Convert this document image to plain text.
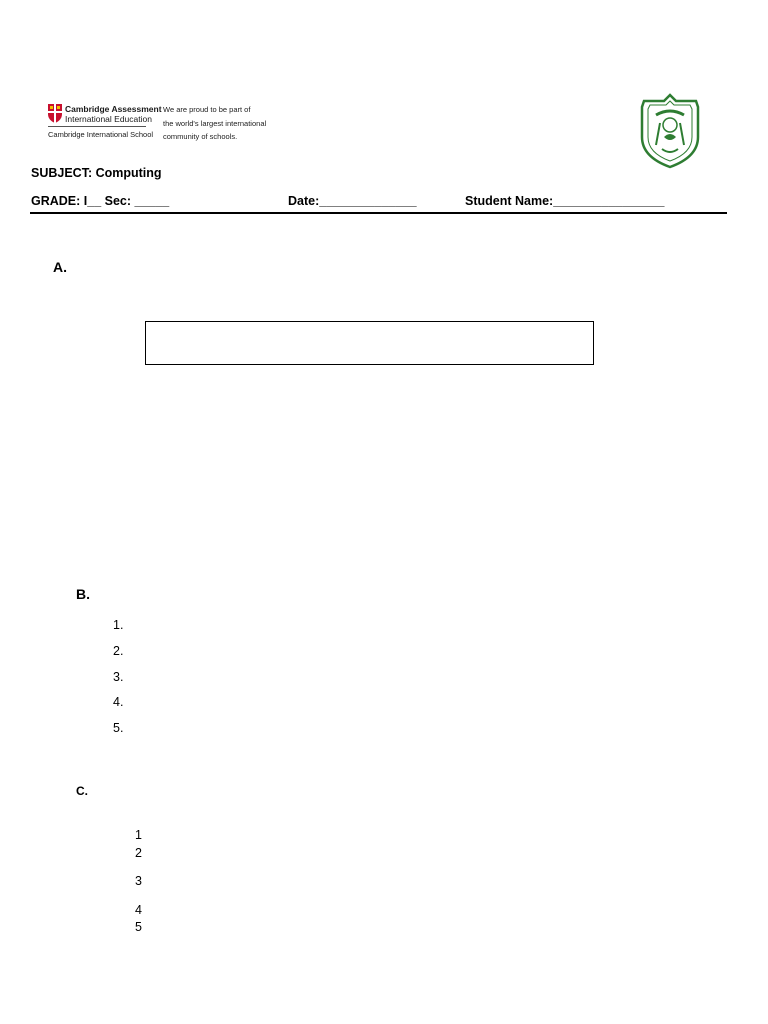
Cambridge Assessment
International Education
Cambridge International School
We are proud to be part of
the world's largest international
community of schools.
SUBJECT: Computing
GRADE: I__ Sec: _____	Date:______________	Student Name:________________
A.
B.
1.
2.
3.
4.
5.
C.
1
2
3
4
5
